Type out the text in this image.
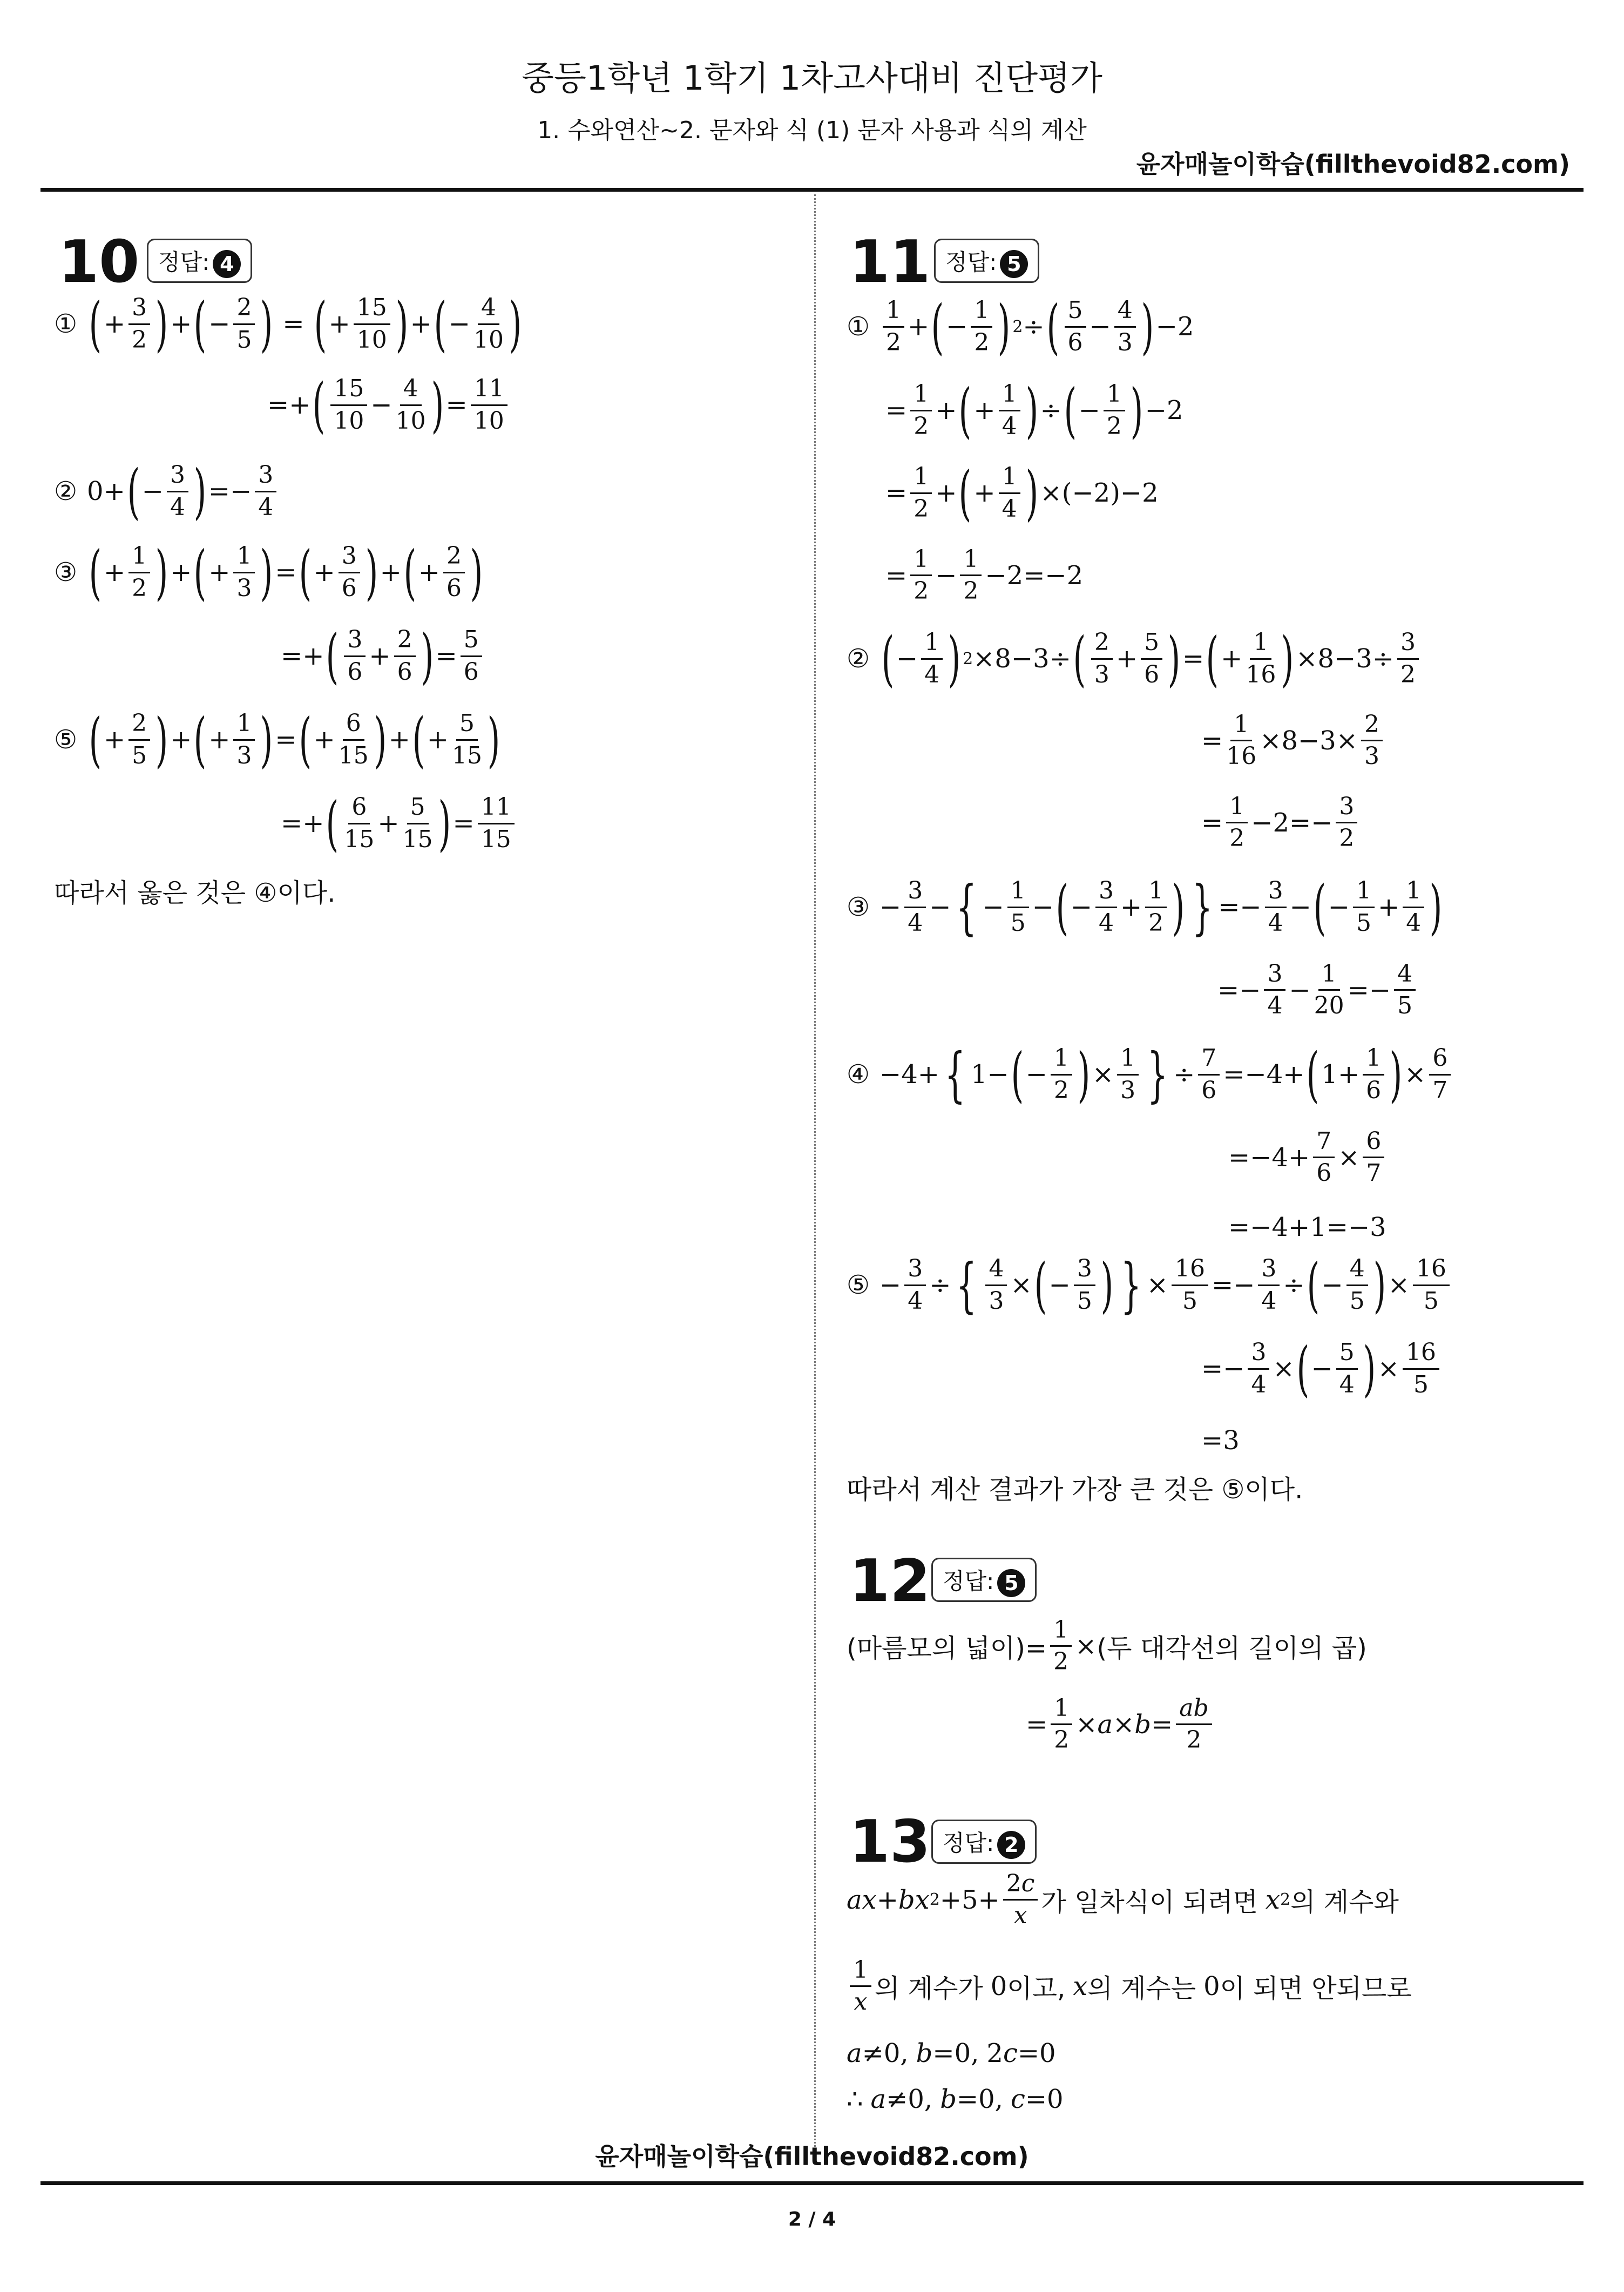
중등1학년 1학기 1차고사대비 진단평가
1. 수와연산~2. 문자와 식 (1) 문자 사용과 식의 계산
윤자매놀이학습(fillthevoid82.com)
10 정답: 4
① ( + $\frac{3}{2}$ ) + ( − $\frac{2}{5}$ ) = ( + $\frac{15}{10}$ ) + ( − $\frac{4}{10}$ )
=+ ( $\frac{15}{10} - \frac{4}{10}$ ) = $\frac{11}{10}$
② 0+ ( − $\frac{3}{4}$ ) =− $\frac{3}{4}$
③ ( + $\frac{1}{2}$ ) + ( + $\frac{1}{3}$ ) = ( + $\frac{3}{6}$ ) + ( + $\frac{2}{6}$ )
=+ ( $\frac{3}{6} + \frac{2}{6}$ ) = $\frac{5}{6}$
⑤ ( + $\frac{2}{5}$ ) + ( + $\frac{1}{3}$ ) = ( + $\frac{6}{15}$ ) + ( + $\frac{5}{15}$ )
=+ ( $\frac{6}{15} + \frac{5}{15}$ ) = $\frac{11}{15}$
따라서 옳은 것은 ④이다.
11 정답: 5
① $\frac{1}{2}$ + ( − $\frac{1}{2}$ ) 2 ÷ ( $\frac{5}{6} - \frac{4}{3}$ ) −2
= $\frac{1}{2}$ + ( + $\frac{1}{4}$ ) ÷ ( − $\frac{1}{2}$ ) −2
= $\frac{1}{2}$ + ( + $\frac{1}{4}$ ) ×(−2)−2
= $\frac{1}{2} - \frac{1}{2} -2=-2$
② ( − $\frac{1}{4}$ ) 2 ×8−3÷ ( $\frac{2}{3} + \frac{5}{6}$ ) = ( + $\frac{1}{16}$ ) $\times 8-3\div \frac{3}{2}$
= $\frac{1}{16} \times 8-3\times \frac{2}{3}$
= $\frac{1}{2} -2=- \frac{3}{2}$
③ − $\frac{3}{4}$ − { − $\frac{1}{5}$ − ( − $\frac{3}{4} + \frac{1}{2}$ ) } =− $\frac{3}{4}$ − ( − $\frac{1}{5} + \frac{1}{4}$ )
=− $\frac{3}{4} - \frac{1}{20} =- \frac{4}{5}$
④ −4+ { 1− ( − $\frac{1}{2}$ ) × $\frac{1}{3}$ } ÷ $\frac{7}{6} =-4+$ ( $1+ \frac{1}{6}$ ) × $\frac{6}{7}$
$=-4+ \frac{7}{6} \times \frac{6}{7}$
=−4+1=−3
⑤ − $\frac{3}{4}$ ÷ { $\frac{4}{3}$ × ( − $\frac{3}{5}$ ) } × $\frac{16}{5} =- \frac{3}{4}$ ÷ ( − $\frac{4}{5}$ ) × $\frac{16}{5}$
=− $\frac{3}{4}$ × ( − $\frac{5}{4}$ ) × $\frac{16}{5}$
=3
따라서 계산 결과가 가장 큰 것은 ⑤이다.
12 정답: 5
(마름모의 넓이)= $\frac{1}{2}$ × (두 대각선의 길이의 곱)
= $\frac{1}{2} \times a \times b = \frac{ab}{2}$
13 정답: 2
ax + bx $2 +5+ \frac{2c}{x}$ 가 일차식이 되려면 x 2 의 계수와
$\frac{1}{x}$ 의 계수가 0 이고, x 의 계수는 0 이 되면 안되므로
a ≠0, b =0, 2 c =0
∴ a ≠0, b =0, c =0
윤자매놀이학습(fillthevoid82.com)
2 / 4
